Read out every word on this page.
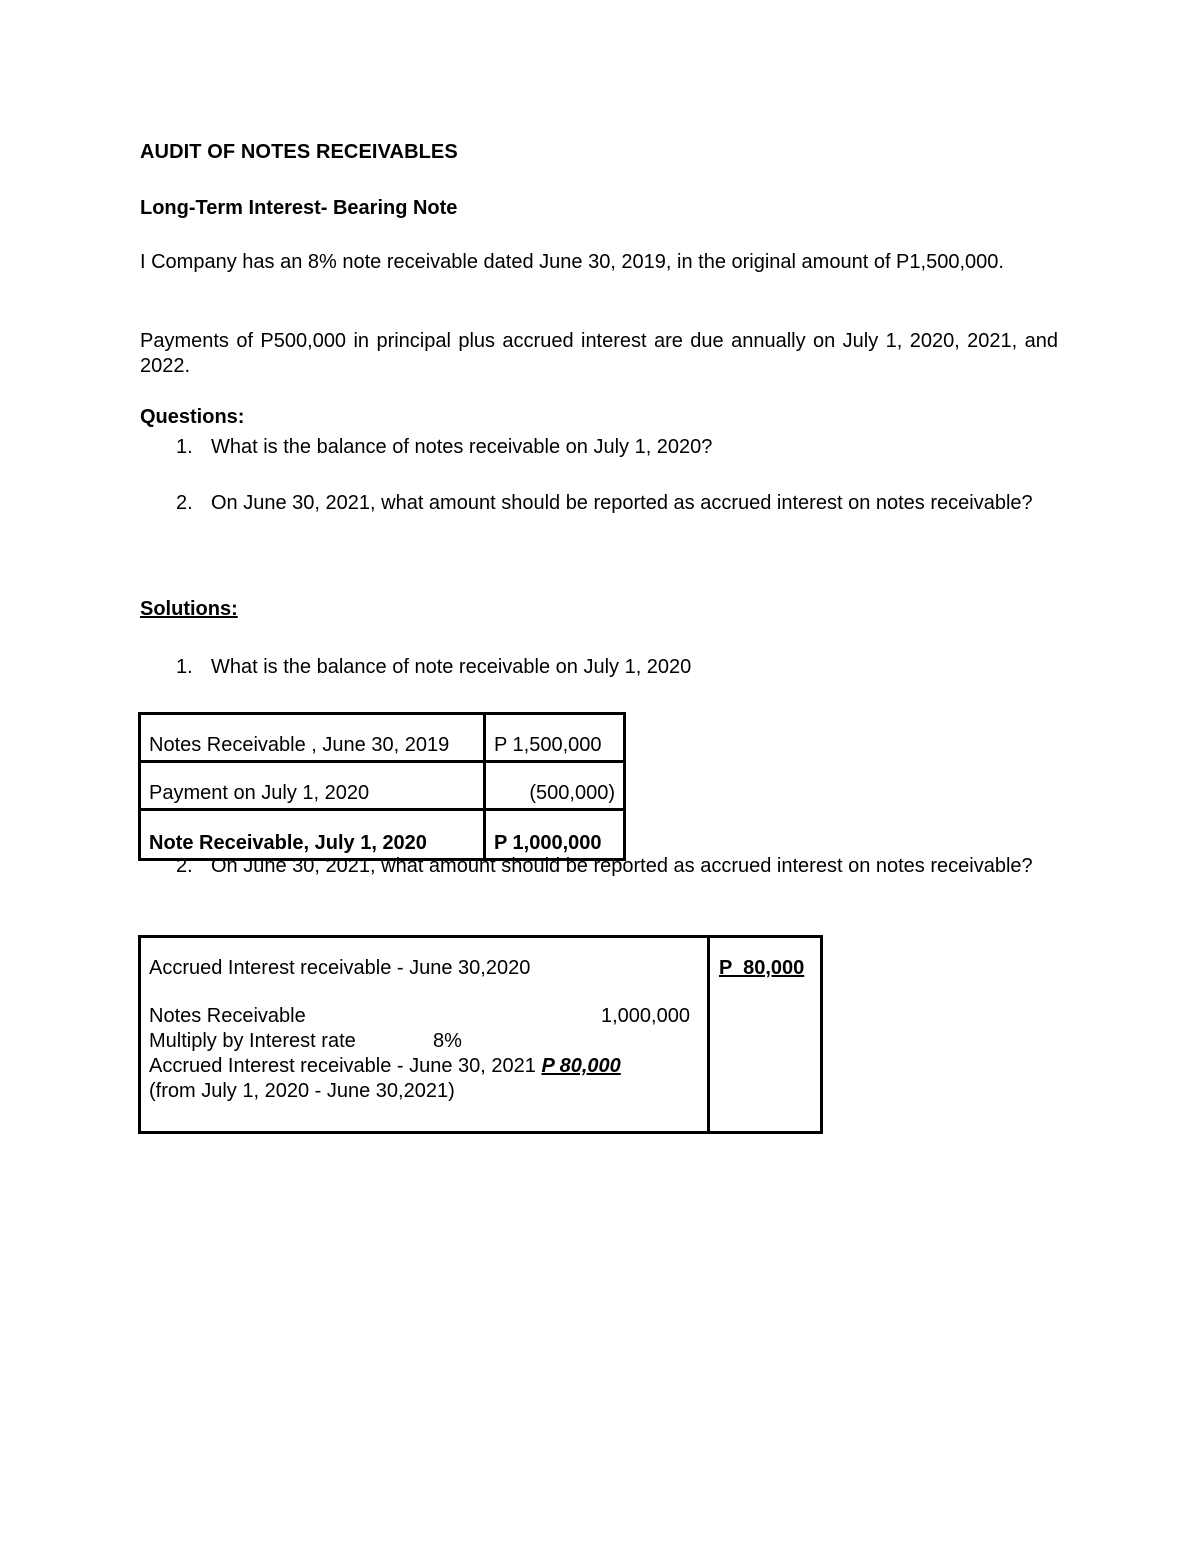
AUDIT OF NOTES RECEIVABLES
Long-Term Interest- Bearing Note
I Company has an 8% note receivable dated June 30, 2019, in the original amount of P1,500,000.
Payments of P500,000 in principal plus accrued interest are due annually on July 1, 2020, 2021, and 2022.
Questions:
1. What is the balance of notes receivable on July 1, 2020?
2. On June 30, 2021, what amount should be reported as accrued interest on notes receivable?
Solutions:
1. What is the balance of note receivable on July 1, 2020
2. On June 30, 2021, what amount should be reported as accrued interest on notes receivable?
Notes Receivable , June 30, 2019	P 1,500,000
Payment on July 1, 2020	(500,000)
Note Receivable, July 1, 2020	P 1,000,000
Accrued Interest receivable - June 30,2020	P  80,000
Notes Receivable	1,000,000
Multiply by Interest rate	8%
Accrued Interest receivable - June 30, 2021 P 80,000
(from July 1, 2020 - June 30,2021)
